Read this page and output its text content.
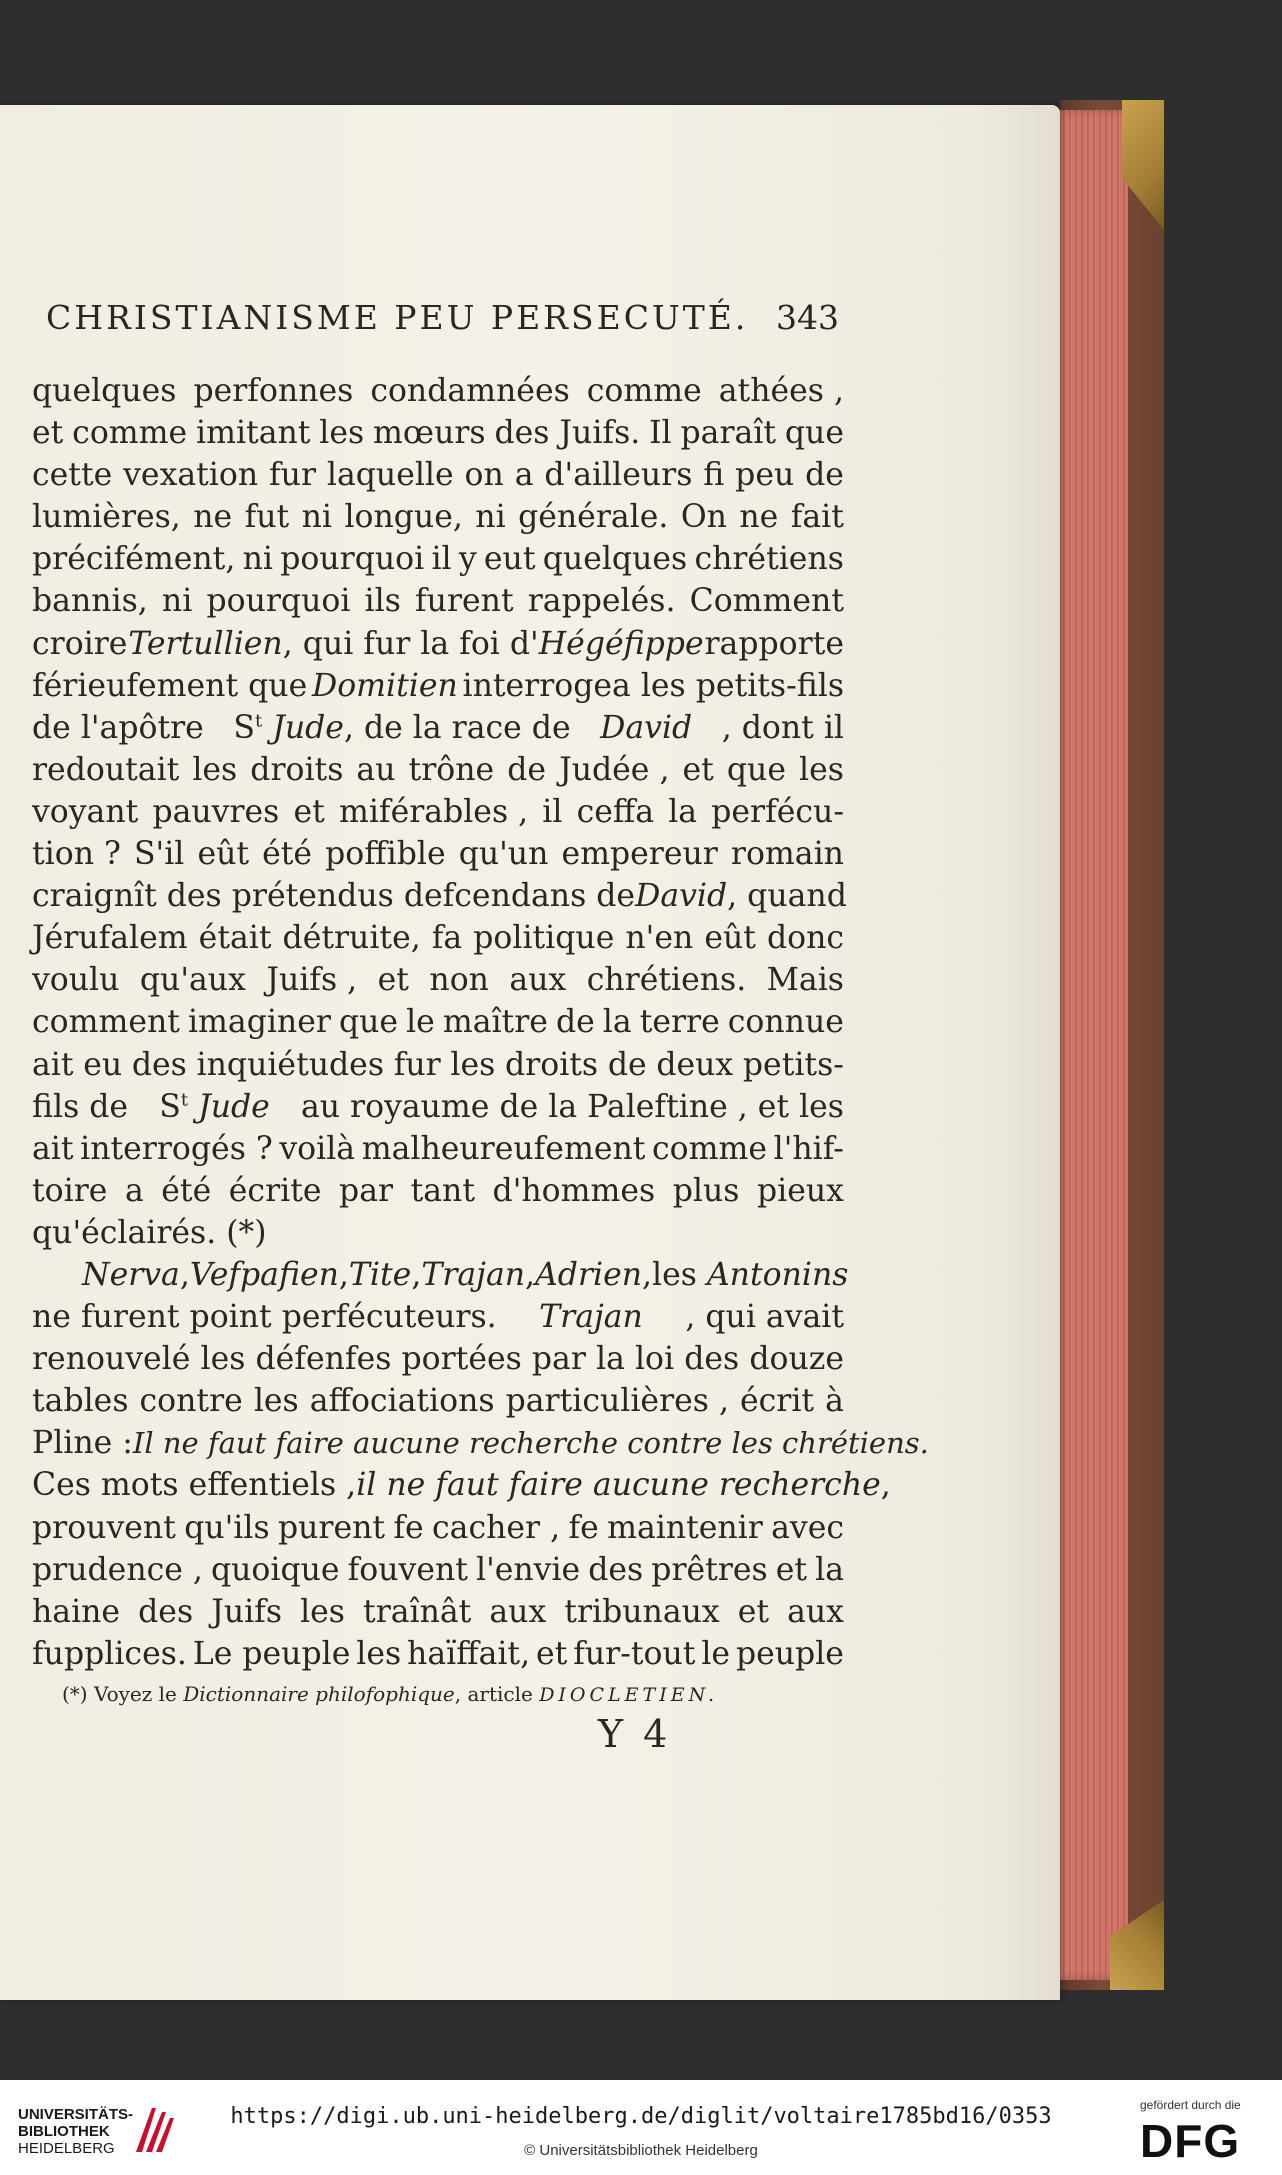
CHRISTIANISME PEU PERSECUTÉ. 343
quelques perfonnes condamnées comme athées ,
et comme imitant les mœurs des Juifs. Il paraît que
cette vexation fur laquelle on a d'ailleurs fi peu de
lumières, ne fut ni longue, ni générale. On ne fait
précifément, ni pourquoi il y eut quelques chrétiens
bannis, ni pourquoi ils furent rappelés. Comment
croire Tertullien, qui fur la foi d'Hégéfippe rapporte
férieufement que Domitien interrogea les petits-fils
de l'apôtre $S^t$ Jude, de la race de David , dont il
redoutait les droits au trône de Judée , et que les
voyant pauvres et miférables , il ceffa la perfécu-
tion ? S'il eût été poffible qu'un empereur romain
craignît des prétendus defcendans de David, quand
Jérufalem était détruite, fa politique n'en eût donc
voulu qu'aux Juifs , et non aux chrétiens. Mais
comment imaginer que le maître de la terre connue
ait eu des inquiétudes fur les droits de deux petits-
fils de $S^t$ Jude au royaume de la Paleftine , et les
ait interrogés ? voilà malheureufement comme l'hif-
toire a été écrite par tant d'hommes plus pieux
qu'éclairés. (*)
Nerva, Vefpafien, Tite, Trajan, Adrien, les Antonins
ne furent point perfécuteurs. Trajan , qui avait
renouvelé les défenfes portées par la loi des douze
tables contre les affociations particulières , écrit à
Pline : Il ne faut faire aucune recherche contre les chrétiens.
Ces mots effentiels , il ne faut faire aucune recherche,
prouvent qu'ils purent fe cacher , fe maintenir avec
prudence , quoique fouvent l'envie des prêtres et la
haine des Juifs les traînât aux tribunaux et aux
fupplices. Le peuple les haïffait, et fur-tout le peuple
(*) Voyez le Dictionnaire philofophique, article DIOCLETIEN.
Y 4
UNIVERSITÄTS-
BIBLIOTHEK
HEIDELBERG
https://digi.ub.uni-heidelberg.de/diglit/voltaire1785bd16/0353
© Universitätsbibliothek Heidelberg
gefördert durch die
DFG
